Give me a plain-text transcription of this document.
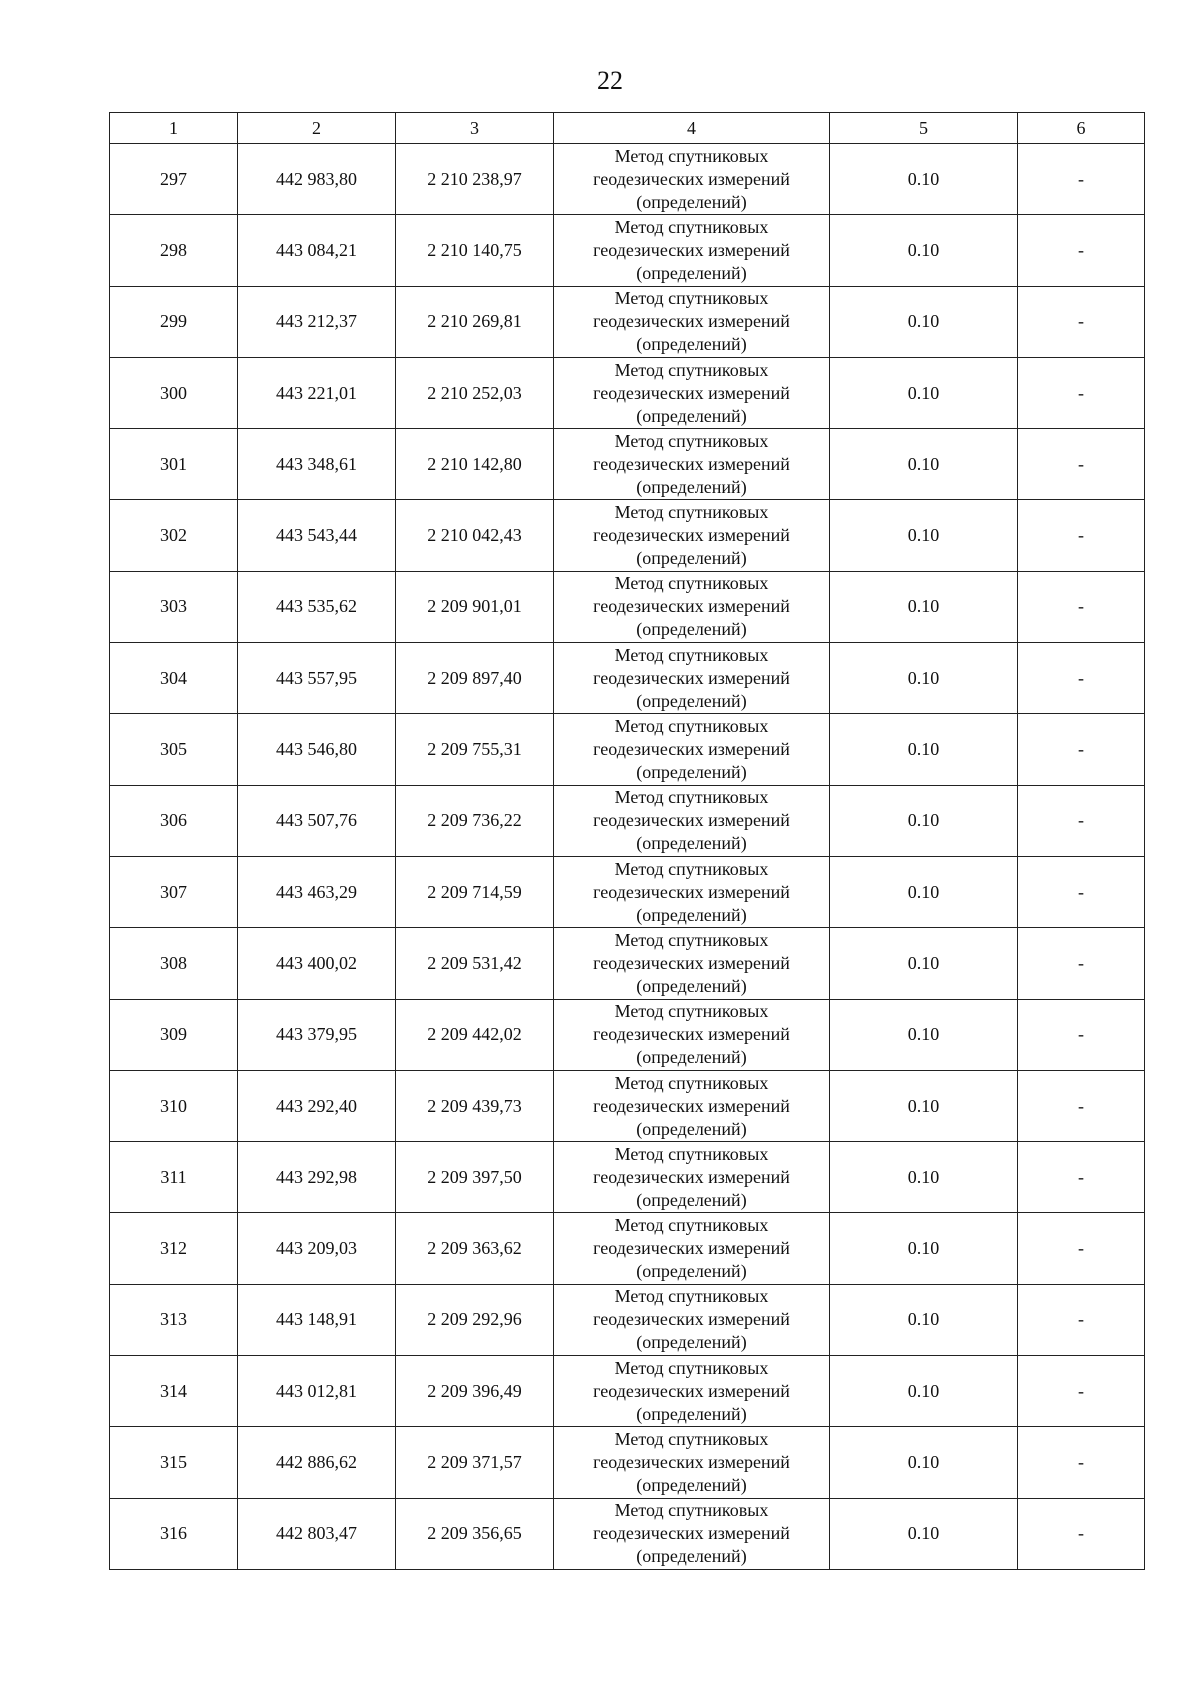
22
1	2	3	4	5	6
297	442 983,80	2 210 238,97	Метод спутниковых
геодезических измерений
(определений)	0.10	-
298	443 084,21	2 210 140,75	Метод спутниковых
геодезических измерений
(определений)	0.10	-
299	443 212,37	2 210 269,81	Метод спутниковых
геодезических измерений
(определений)	0.10	-
300	443 221,01	2 210 252,03	Метод спутниковых
геодезических измерений
(определений)	0.10	-
301	443 348,61	2 210 142,80	Метод спутниковых
геодезических измерений
(определений)	0.10	-
302	443 543,44	2 210 042,43	Метод спутниковых
геодезических измерений
(определений)	0.10	-
303	443 535,62	2 209 901,01	Метод спутниковых
геодезических измерений
(определений)	0.10	-
304	443 557,95	2 209 897,40	Метод спутниковых
геодезических измерений
(определений)	0.10	-
305	443 546,80	2 209 755,31	Метод спутниковых
геодезических измерений
(определений)	0.10	-
306	443 507,76	2 209 736,22	Метод спутниковых
геодезических измерений
(определений)	0.10	-
307	443 463,29	2 209 714,59	Метод спутниковых
геодезических измерений
(определений)	0.10	-
308	443 400,02	2 209 531,42	Метод спутниковых
геодезических измерений
(определений)	0.10	-
309	443 379,95	2 209 442,02	Метод спутниковых
геодезических измерений
(определений)	0.10	-
310	443 292,40	2 209 439,73	Метод спутниковых
геодезических измерений
(определений)	0.10	-
311	443 292,98	2 209 397,50	Метод спутниковых
геодезических измерений
(определений)	0.10	-
312	443 209,03	2 209 363,62	Метод спутниковых
геодезических измерений
(определений)	0.10	-
313	443 148,91	2 209 292,96	Метод спутниковых
геодезических измерений
(определений)	0.10	-
314	443 012,81	2 209 396,49	Метод спутниковых
геодезических измерений
(определений)	0.10	-
315	442 886,62	2 209 371,57	Метод спутниковых
геодезических измерений
(определений)	0.10	-
316	442 803,47	2 209 356,65	Метод спутниковых
геодезических измерений
(определений)	0.10	-
